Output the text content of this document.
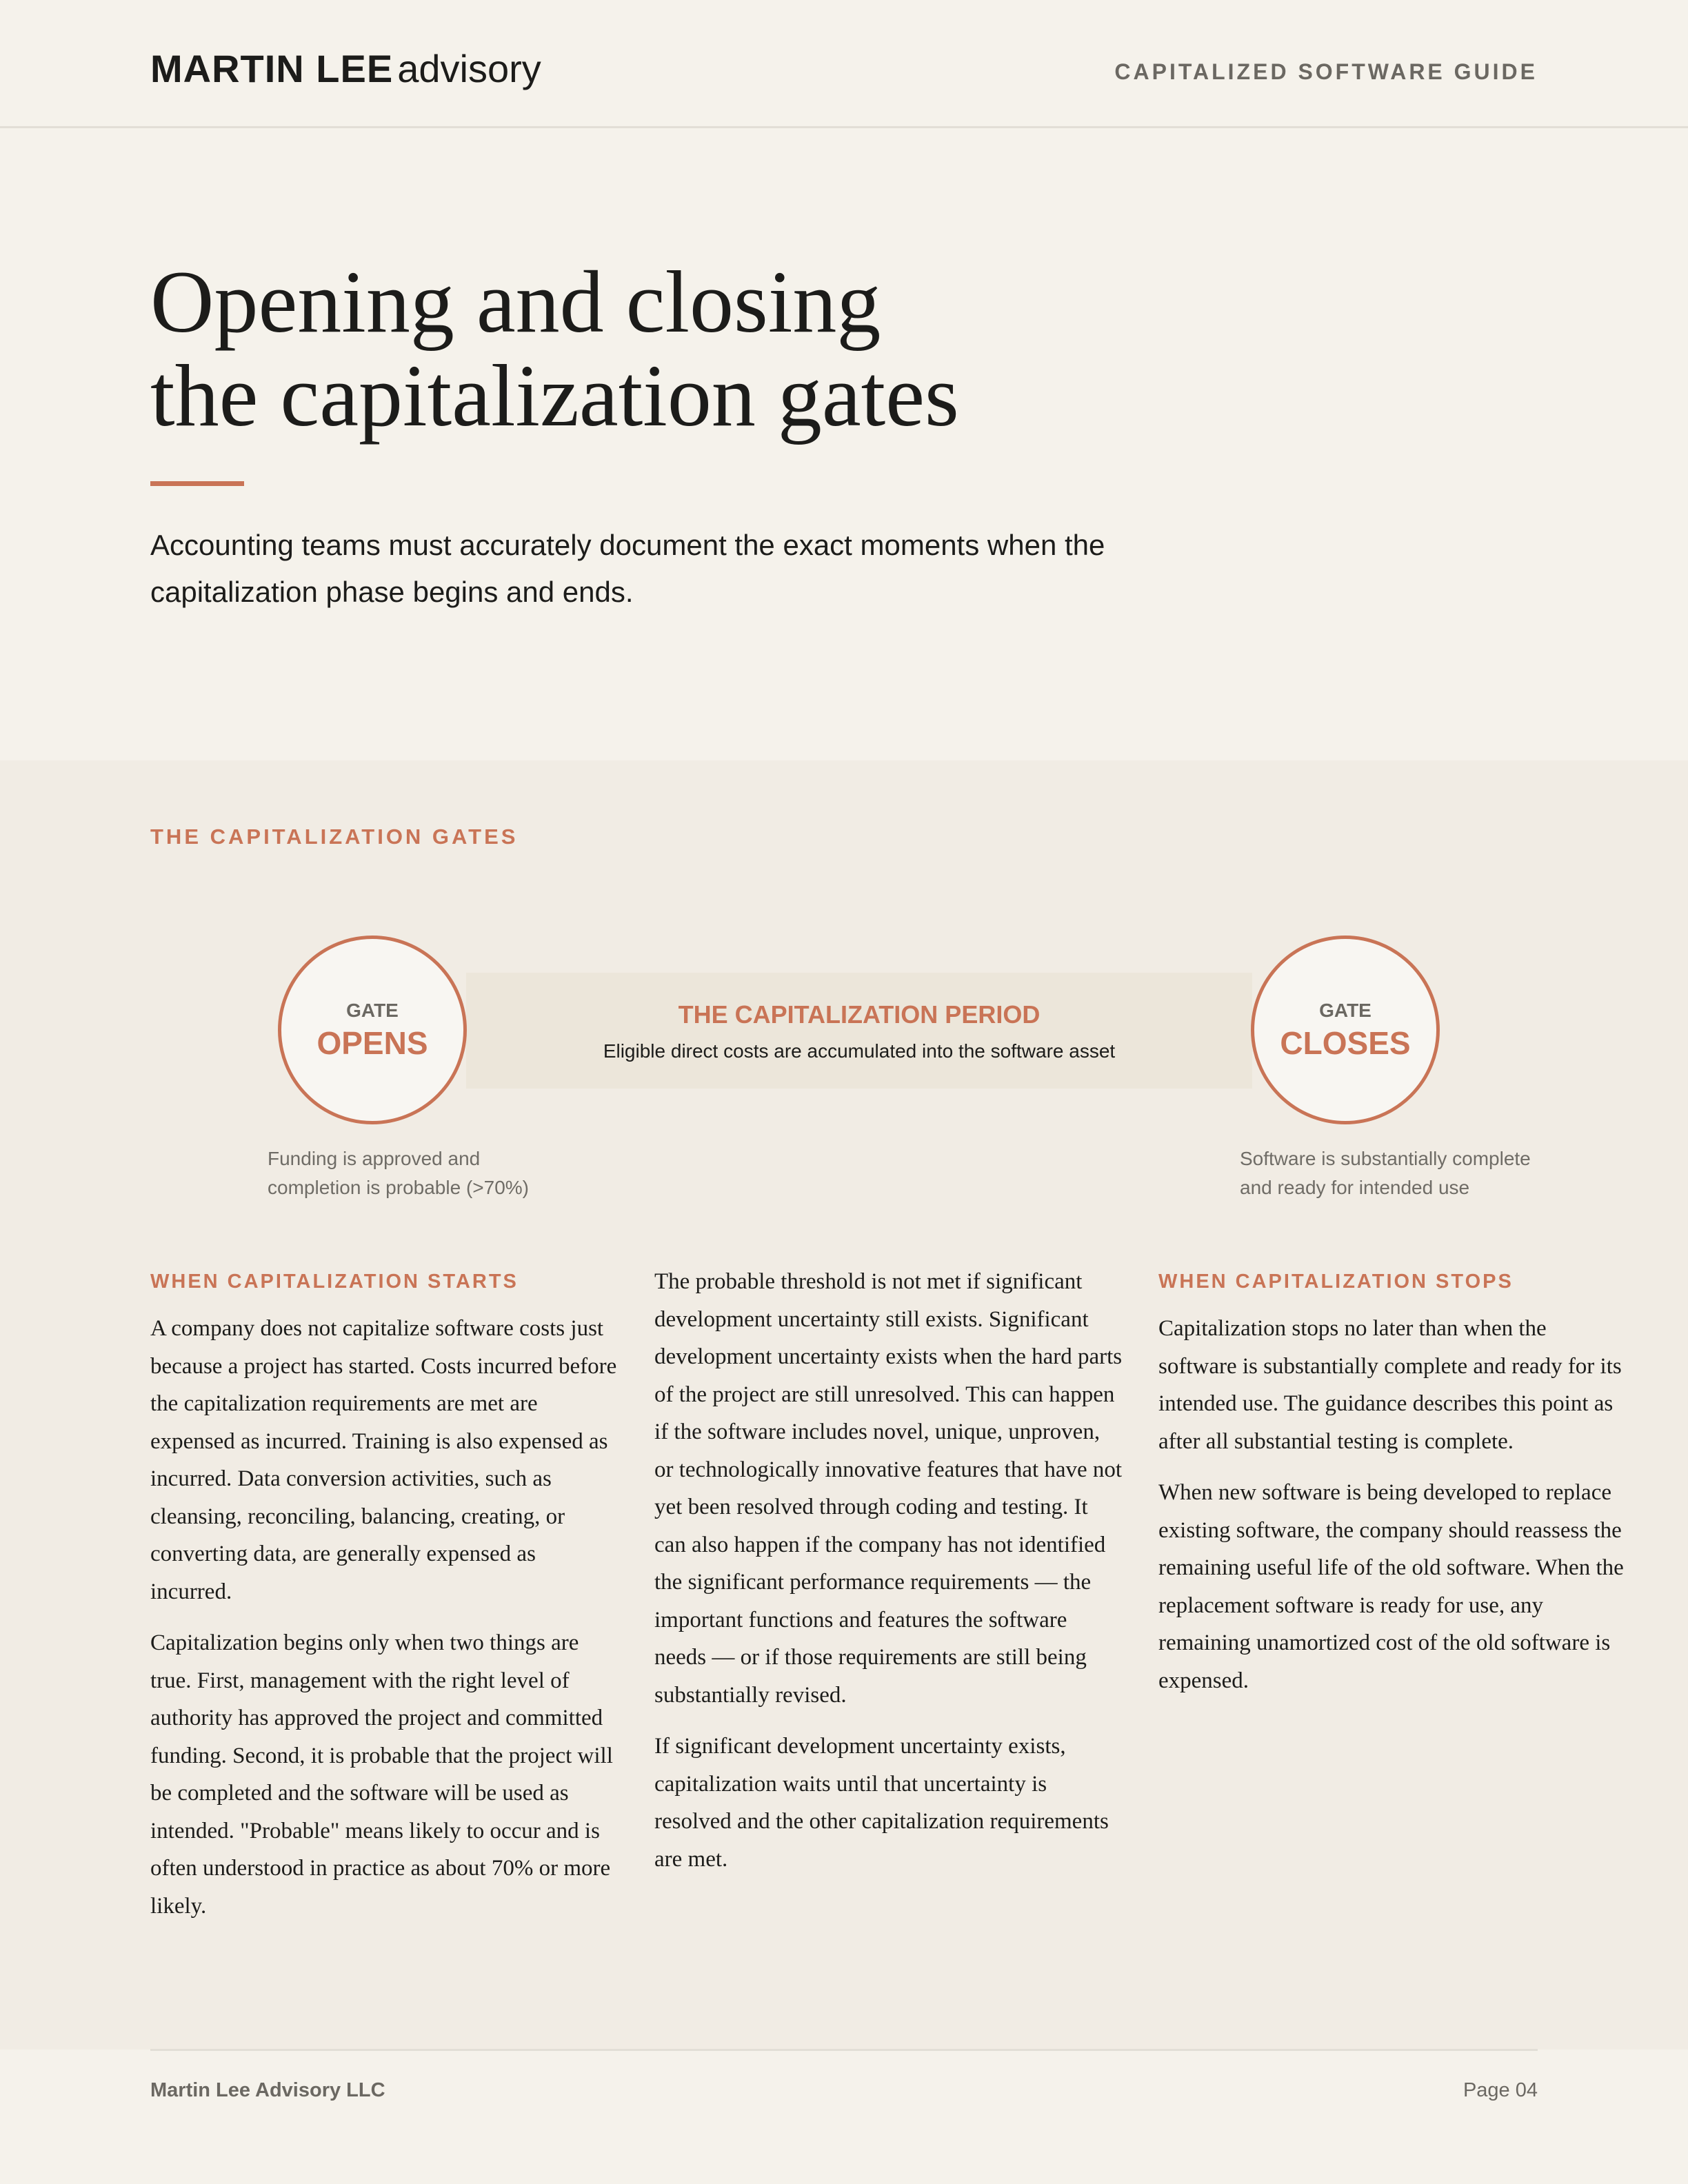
MARTIN LEE advisory	CAPITALIZED SOFTWARE GUIDE
Opening and closing
the capitalization gates

Accounting teams must accurately document the exact moments when the capitalization phase begins and ends.

THE CAPITALIZATION GATES
THE CAPITALIZATION PERIOD
Eligible direct costs are accumulated into the software asset
GATE
OPENS
Funding is approved and
completion is probable (>70%)
GATE
CLOSES
Software is substantially complete
and ready for intended use
WHEN CAPITALIZATION STARTS

A company does not capitalize software costs just because a project has started. Costs incurred before the capitalization requirements are met are expensed as incurred. Training is also expensed as incurred. Data conversion activities, such as cleansing, reconciling, balancing, creating, or converting data, are generally expensed as incurred.

Capitalization begins only when two things are true. First, management with the right level of authority has approved the project and committed funding. Second, it is probable that the project will be completed and the software will be used as intended. "Probable" means likely to occur and is often understood in practice as about 70% or more likely.

The probable threshold is not met if significant development uncertainty still exists. Significant development uncertainty exists when the hard parts of the project are still unresolved. This can happen if the software includes novel, unique, unproven, or technologically innovative features that have not yet been resolved through coding and testing. It can also happen if the company has not identified the significant performance requirements — the important functions and features the software needs — or if those requirements are still being substantially revised.

If significant development uncertainty exists, capitalization waits until that uncertainty is resolved and the other capitalization requirements are met.

WHEN CAPITALIZATION STOPS

Capitalization stops no later than when the software is substantially complete and ready for its intended use. The guidance describes this point as after all substantial testing is complete.

When new software is being developed to replace existing software, the company should reassess the remaining useful life of the old software. When the replacement software is ready for use, any remaining unamortized cost of the old software is expensed.

Martin Lee Advisory LLC	Page 04
